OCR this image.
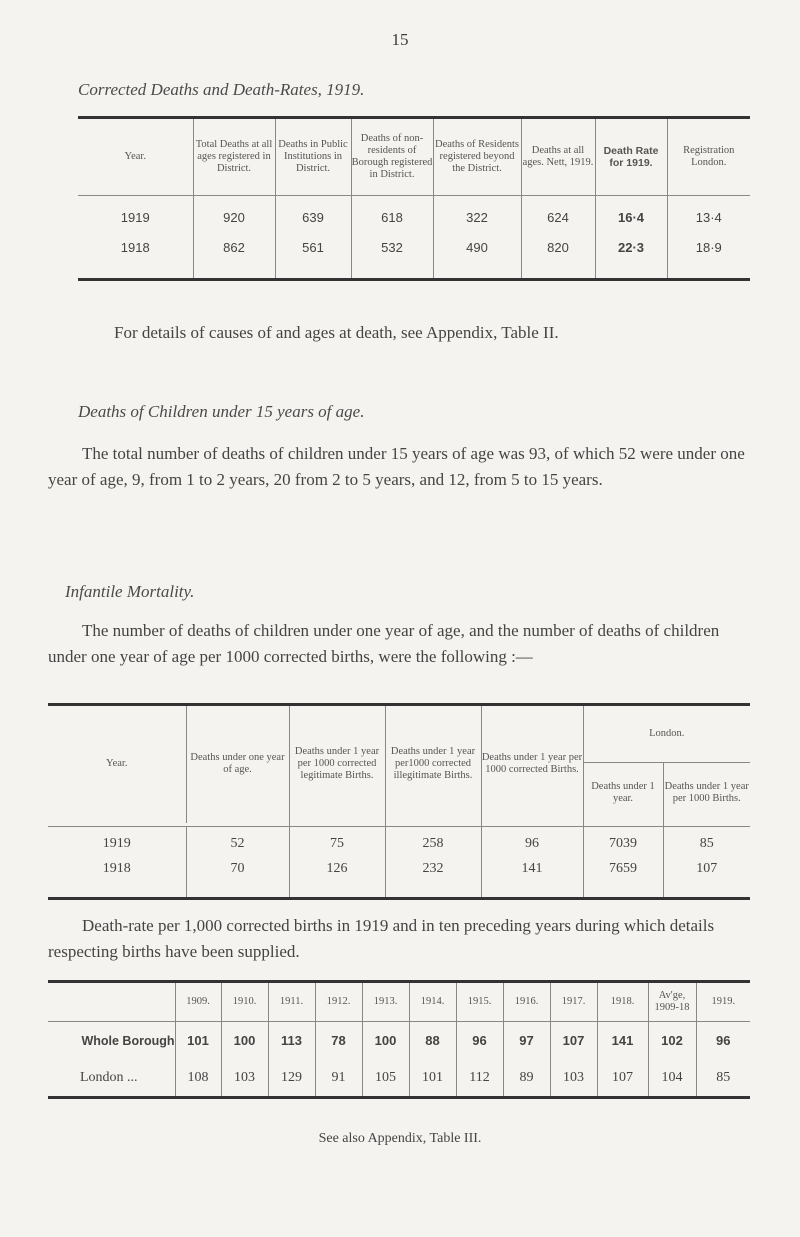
15
Corrected Deaths and Death-Rates, 1919.
Year.	Total Deaths at all ages registered in District.	Deaths in Public Institutions in District.	Deaths of non-residents of Borough registered in District.	Deaths of Residents registered beyond the District.	Deaths at all ages. Nett, 1919.	Death Rate for 1919.	Registration London.
1919	920	639	618	322	624	16·4	13·4
1918	862	561	532	490	820	22·3	18·9
For details of causes of and ages at death, see Appendix, Table II.
Deaths of Children under 15 years of age.
The total number of deaths of children under 15 years of age was 93, of which 52 were under one year of age, 9, from 1 to 2 years, 20 from 2 to 5 years, and 12, from 5 to 15 years.
Infantile Mortality.
The number of deaths of children under one year of age, and the number of deaths of children under one year of age per 1000 corrected births, were the following :—
Year.	Deaths under one year of age.	Deaths under 1 year per 1000 corrected legitimate Births.	Deaths under 1 year per1000 corrected illegitimate Births.	Deaths under 1 year per 1000 corrected Births.	London.	
					Deaths under 1 year.	Deaths under 1 year per 1000 Births.

1919	52	75	258	96	7039	85
1918	70	126	232	141	7659	107
Death-rate per 1,000 corrected births in 1919 and in ten preceding years during which details respecting births have been supplied.
	1909.	1910.	1911.	1912.	1913.	1914.	1915.	1916.	1917.	1918.	Av'ge, 1909-18	1919.
Whole Borough	101	100	113	78	100	88	96	97	107	141	102	96
London ...	108	103	129	91	105	101	112	89	103	107	104	85
See also Appendix, Table III.
